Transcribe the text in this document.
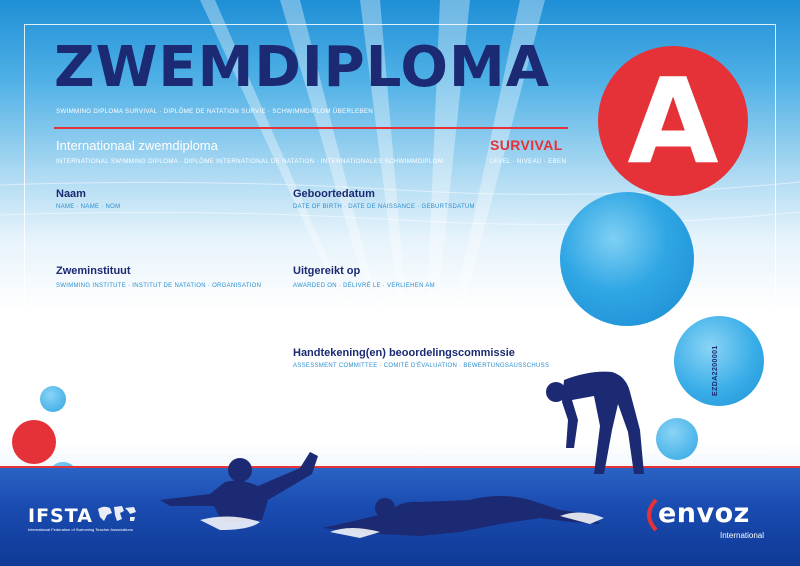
ZWEMDIPLOMA
SWIMMING DIPLOMA SURVIVAL · DIPLÔME DE NATATION SURVIE · SCHWIMMDIPLOM ÜBERLEBEN
Internationaal zwemdiploma	SURVIVAL
INTERNATIONAL SWIMMING DIPLOMA · DIPLÔME INTERNATIONAL DE NATATION · INTERNATIONALES SCHWIMMDIPLOM	LEVEL · NIVEAU · EBEN
Naam
NAME · NAME · NOM
Geboortedatum
DATE OF BIRTH · DATE DE NAISSANCE · GEBURTSDATUM
Zweminstituut
SWIMMING INSTITUTE · INSTITUT DE NATATION · ORGANISATION
Uitgereikt op
AWARDED ON · DÉLIVRÉ LE · VERLIEHEN AM
Handtekening(en) beoordelingscommissie
ASSESSMENT COMMITTEE · COMITÉ D'ÉVALUATION · BEWERTUNGSAUSSCHUSS
A
EZDA2200001
IFSTA
International Federation of Swimming Teacher Associations
envoz
International
